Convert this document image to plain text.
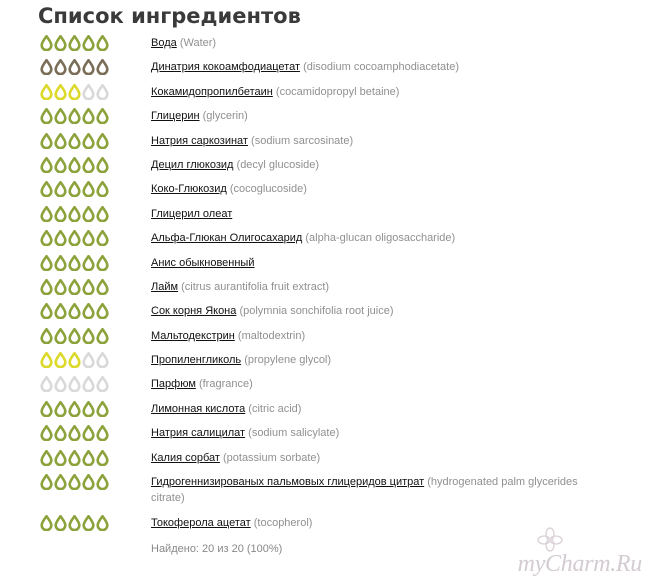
Список ингредиентов
Вода (Water)
Динатрия кокоамфодиацетат (disodium cocoamphodiacetate)
Кокамидопропилбетаин (cocamidopropyl betaine)
Глицерин (glycerin)
Натрия саркозинат (sodium sarcosinate)
Децил глюкозид (decyl glucoside)
Коко-Глюкозид (cocoglucoside)
Глицерил олеат
Альфа-Глюкан Олигосахарид (alpha-glucan oligosaccharide)
Анис обыкновенный
Лайм (citrus aurantifolia fruit extract)
Сок корня Якона (polymnia sonchifolia root juice)
Мальтодекстрин (maltodextrin)
Пропиленгликоль (propylene glycol)
Парфюм (fragrance)
Лимонная кислота (citric acid)
Натрия салицилат (sodium salicylate)
Калия сорбат (potassium sorbate)
Гидрогеннизированых пальмовых глицеридов цитрат (hydrogenated palm glycerides citrate)
Токоферола ацетат (tocopherol)
Найдено: 20 из 20 (100%)
myCharm.Ru
